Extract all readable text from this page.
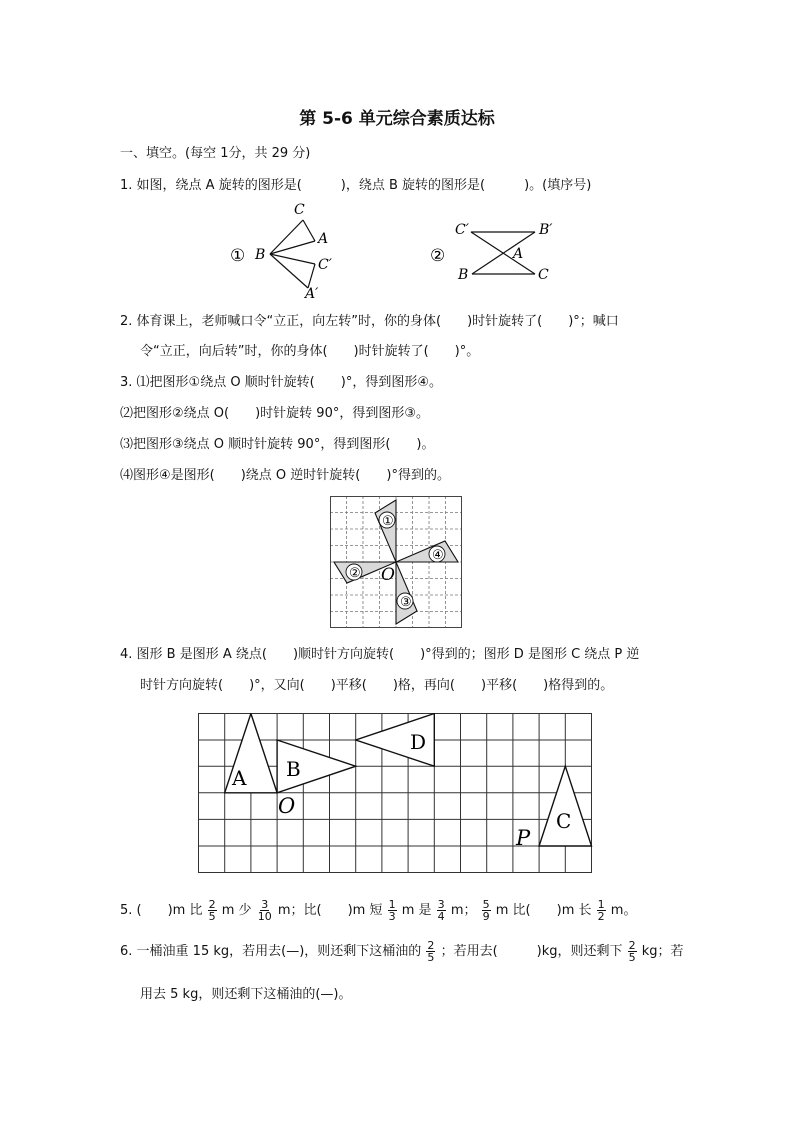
第 5-6 单元综合素质达标
一、填空。(每空 1分，共 29 分)
1. 如图，绕点 A 旋转的图形是(　　　)，绕点 B 旋转的图形是(　　　)。(填序号)
① B
C
A
C′
A′
②
C′	B′
A
B	C
2. 体育课上，老师喊口令“立正，向左转”时，你的身体(　　)时针旋转了(　　)°；喊口
令“立正，向后转”时，你的身体(　　)时针旋转了(　　)°。
3. ⑴把图形①绕点 O 顺时针旋转(　　)°，得到图形④。
⑵把图形②绕点 O(　　)时针旋转 90°，得到图形③。
⑶把图形③绕点 O 顺时针旋转 90°，得到图形(　　)。
⑷图形④是图形(　　)绕点 O 逆时针旋转(　　)°得到的。
①
④
③
② O
4. 图形 B 是图形 A 绕点(　　)顺时针方向旋转(　　)°得到的；图形 D 是图形 C 绕点 P 逆
时针方向旋转(　　)°，又向(　　)平移(　　)格，再向(　　)平移(　　)格得到的。
A B
D
C
O
P
5. (　　)m 比 $\frac{2}{5}$ m 少 $\frac{3}{10}$ m；比(　　)m 短 $\frac{1}{3}$ m 是 $\frac{3}{4}$ m； $\frac{5}{9}$ m 比(　　)m 长 $\frac{1}{2}$ m。
6. 一桶油重 15 kg，若用去(—)，则还剩下这桶油的 $\frac{2}{5}$ ；若用去(　　　)kg，则还剩下 $\frac{2}{5}$ kg；若
用去 5 kg，则还剩下这桶油的(—)。
